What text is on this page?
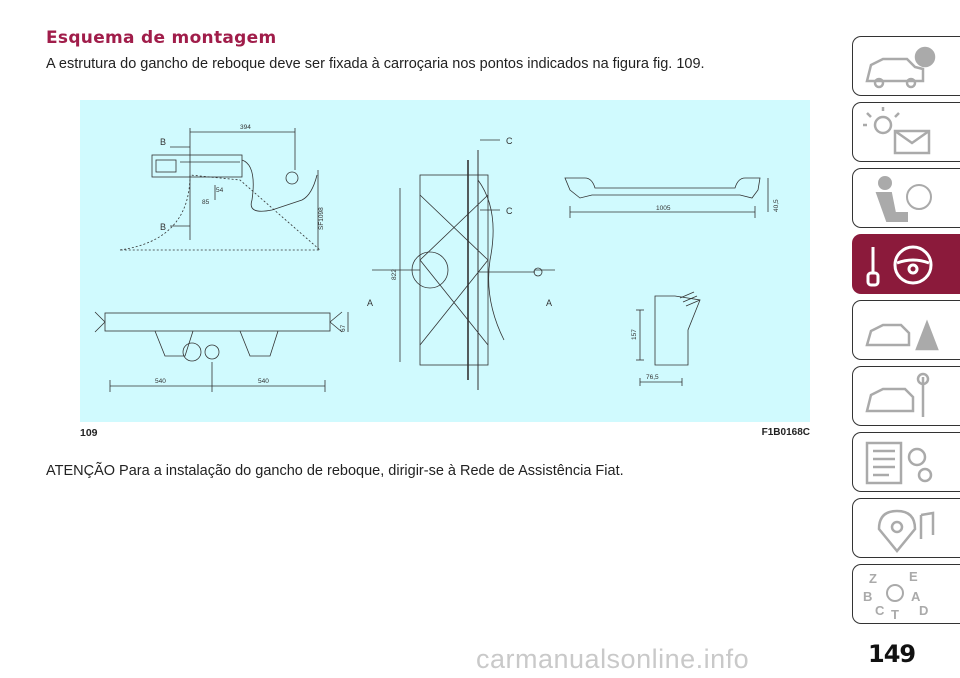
Esquema de montagem
A estrutura do gancho de reboque deve ser fixada à carroçaria nos pontos indicados na figura fig. 109.
B
B
C
C
A	A
394
54
85
SF1098	1005	40,5
822
67
540	540
157
76,5
109	F1B0168C
ATENÇÃO Para a instalação do gancho de reboque, dirigir-se à Rede de Assistência Fiat.
Z E
B	A
C T D
149
carmanualsonline.info
